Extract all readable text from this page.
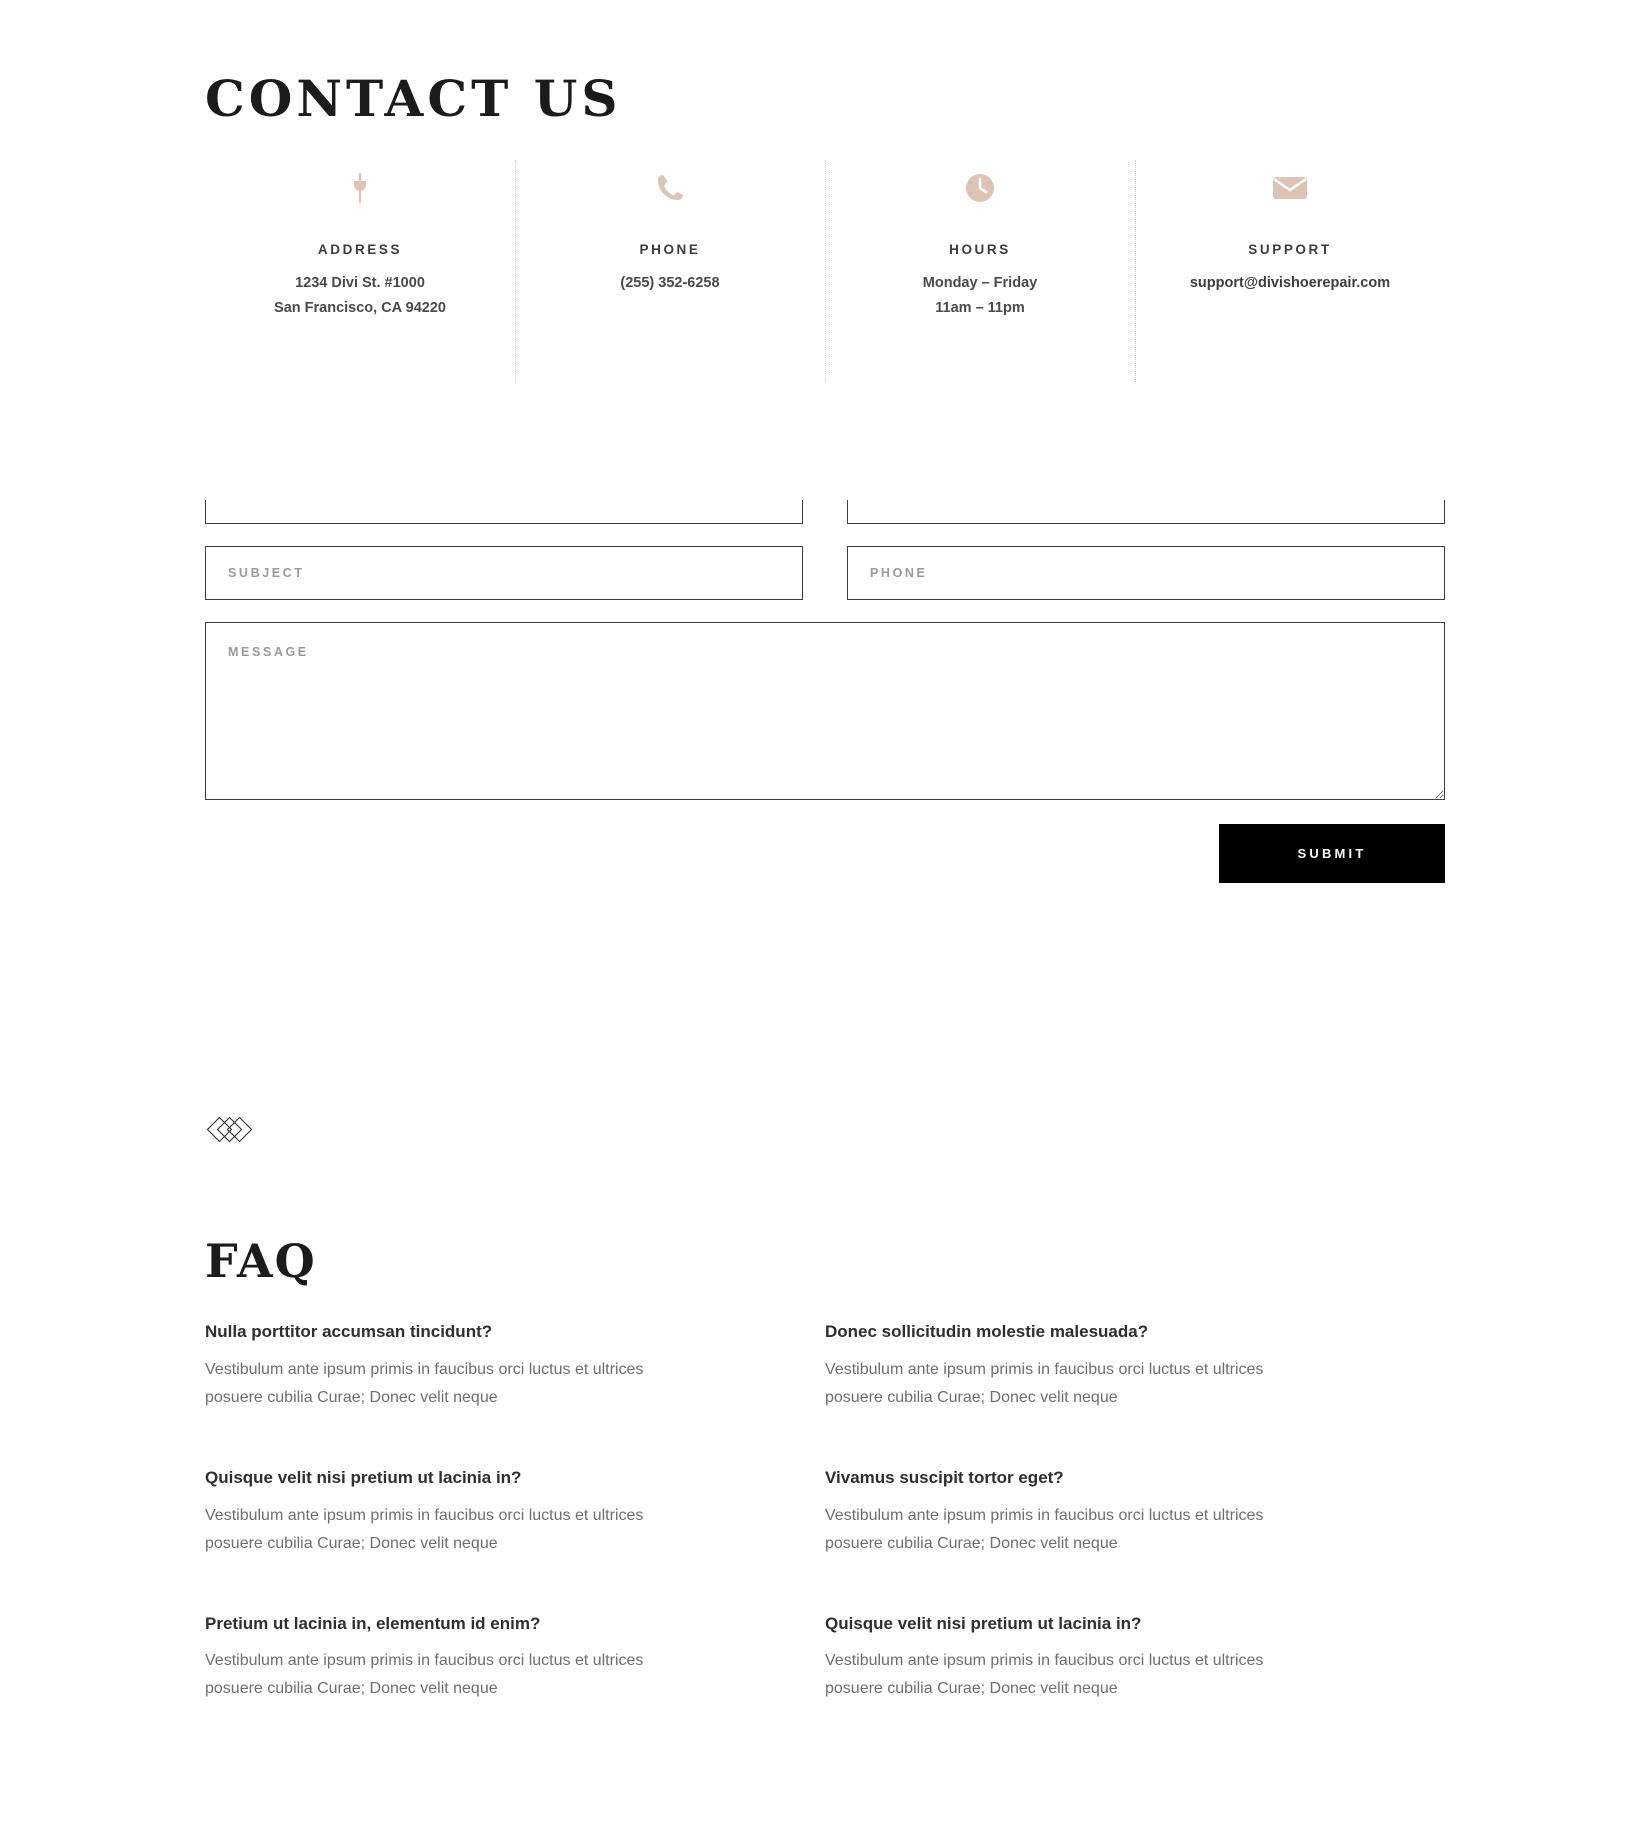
CONTACT US
ADDRESS
1234 Divi St. #1000
San Francisco, CA 94220
PHONE
(255) 352-6258
HOURS
Monday – Friday
11am – 11pm
SUPPORT
support@divishoerepair.com
NAME
EMAIL
SUBJECT
PHONE
MESSAGE
SUBMIT
FAQ

Nulla porttitor accumsan tincidunt?

Vestibulum ante ipsum primis in faucibus orci luctus et ultrices posuere cubilia Curae; Donec velit neque

Donec sollicitudin molestie malesuada?

Vestibulum ante ipsum primis in faucibus orci luctus et ultrices posuere cubilia Curae; Donec velit neque

Quisque velit nisi pretium ut lacinia in?

Vestibulum ante ipsum primis in faucibus orci luctus et ultrices posuere cubilia Curae; Donec velit neque

Vivamus suscipit tortor eget?

Vestibulum ante ipsum primis in faucibus orci luctus et ultrices posuere cubilia Curae; Donec velit neque

Pretium ut lacinia in, elementum id enim?

Vestibulum ante ipsum primis in faucibus orci luctus et ultrices posuere cubilia Curae; Donec velit neque

Quisque velit nisi pretium ut lacinia in?

Vestibulum ante ipsum primis in faucibus orci luctus et ultrices posuere cubilia Curae; Donec velit neque
